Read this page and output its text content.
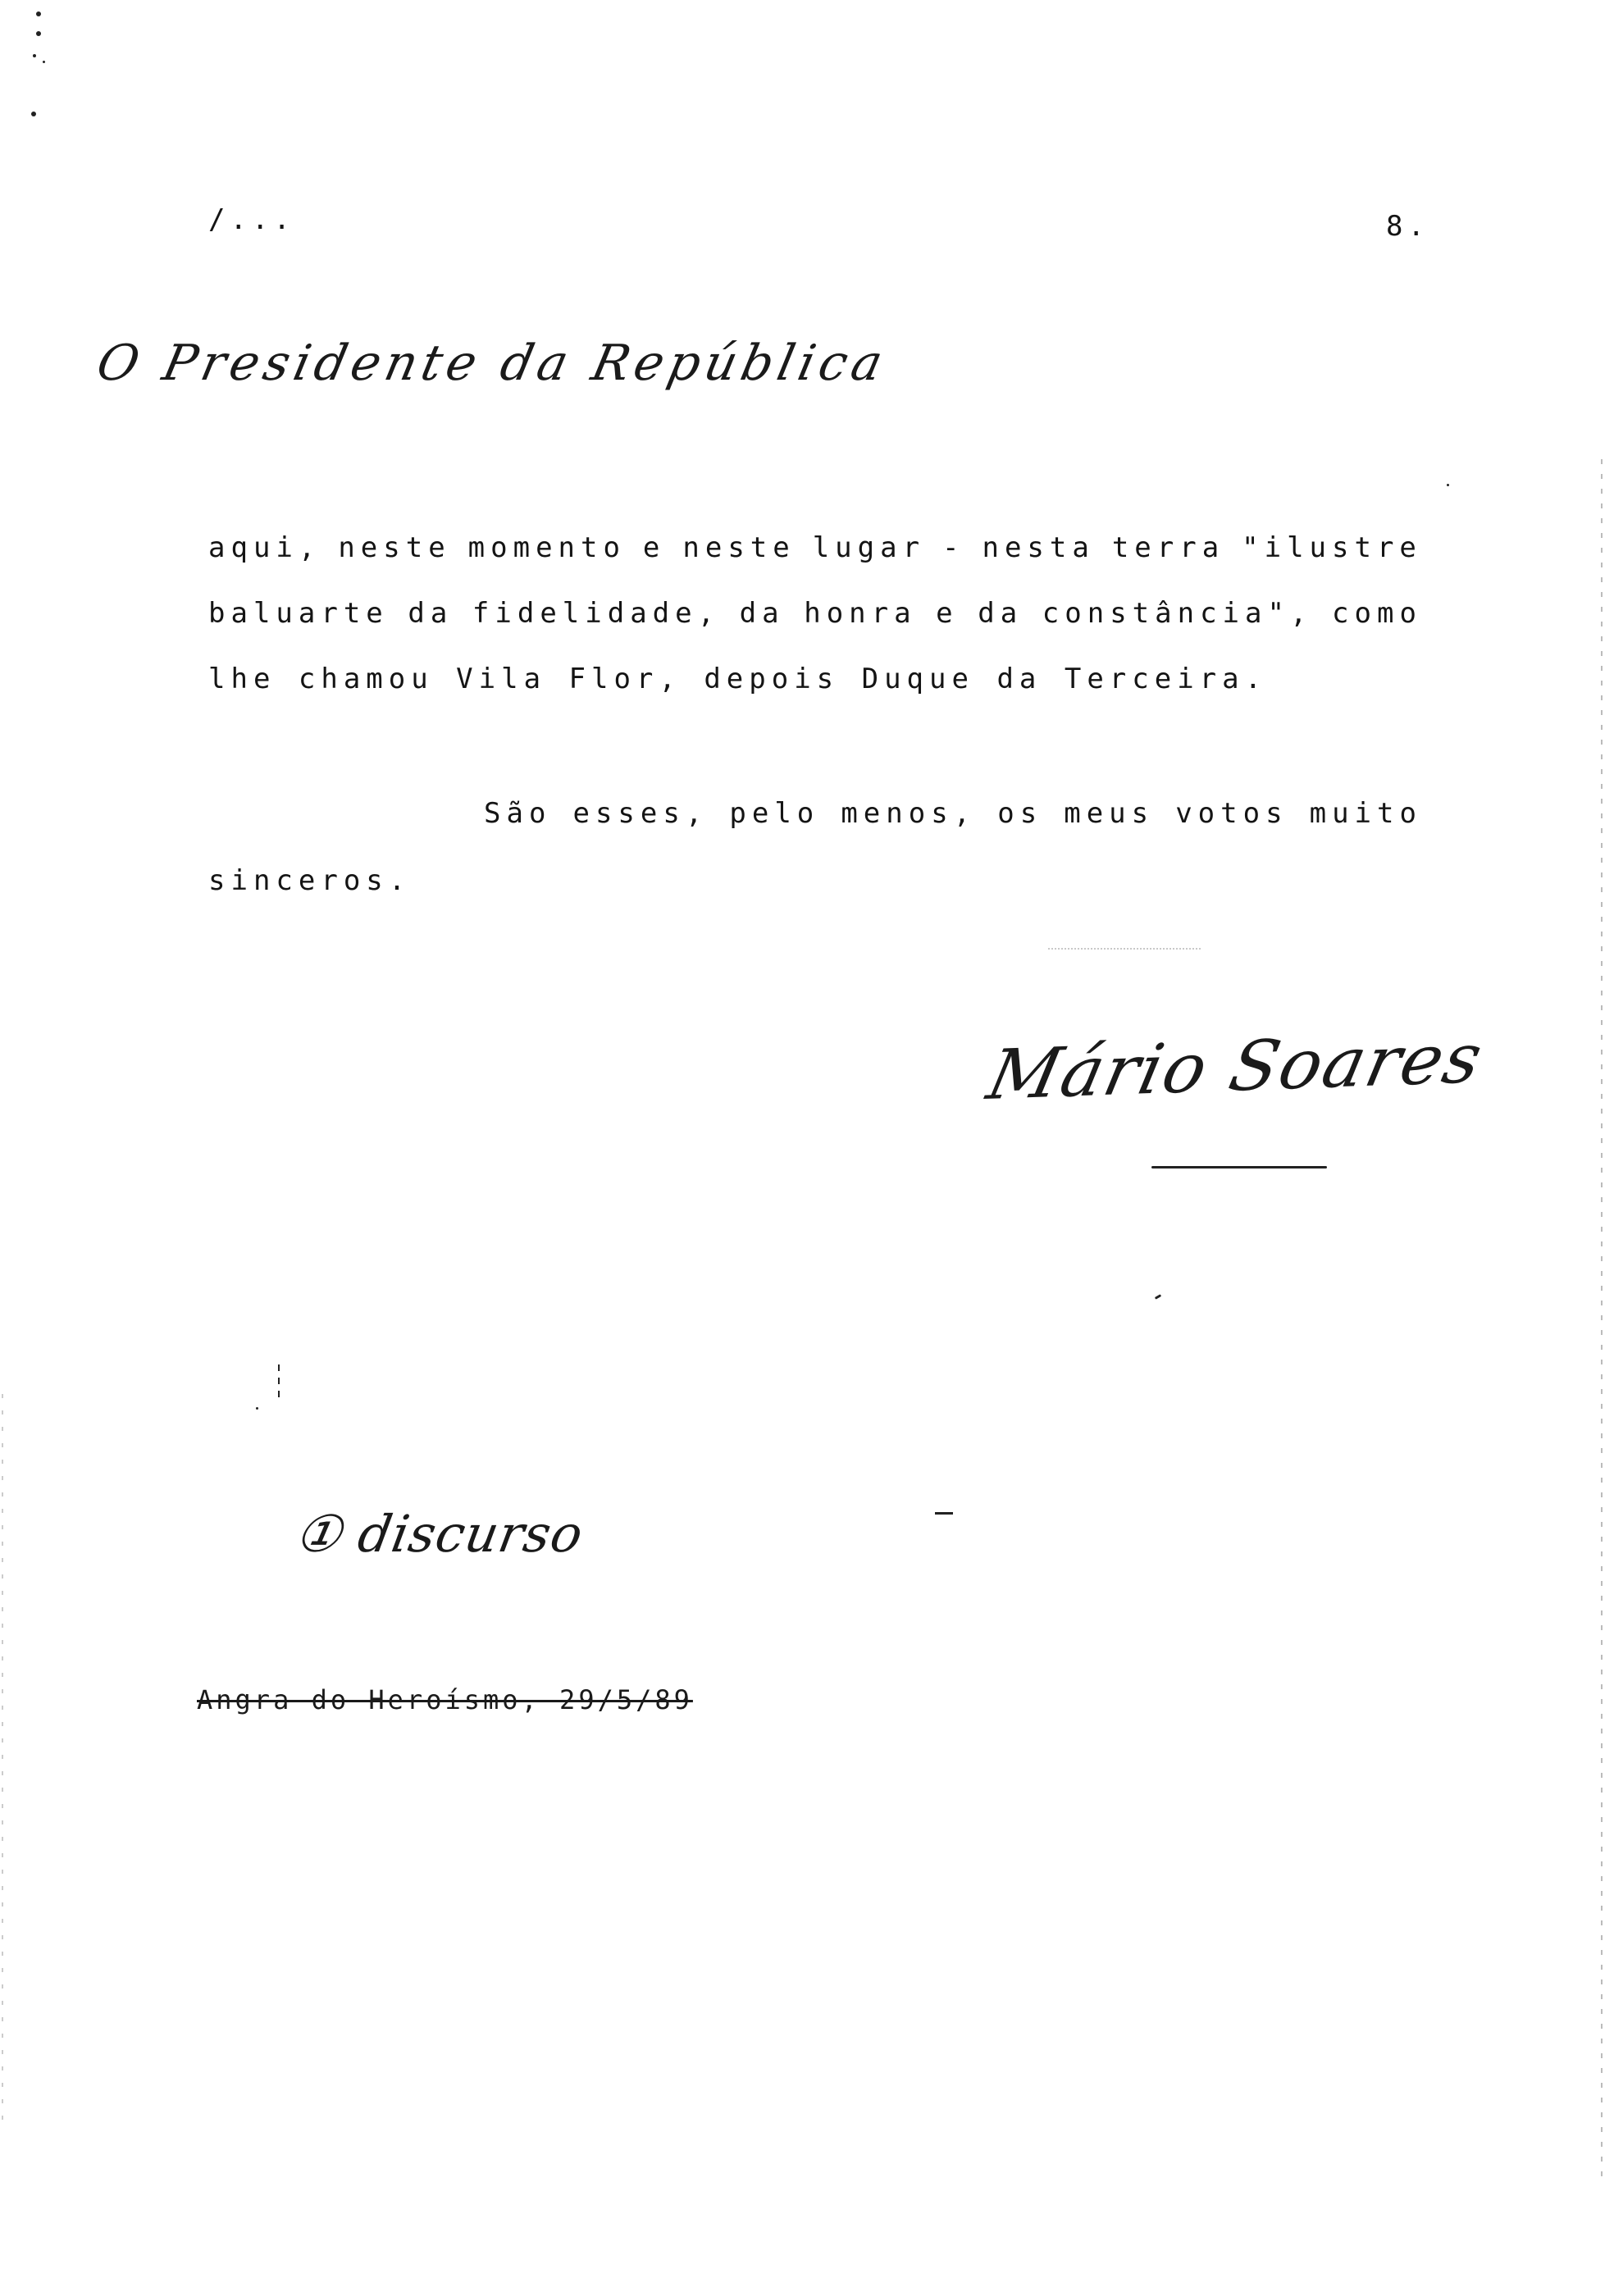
/...	8.
O Presidente da República
aqui, neste momento e neste lugar - nesta terra "ilustre
baluarte da fidelidade, da honra e da constância", como
lhe chamou Vila Flor, depois Duque da Terceira.
São esses, pelo menos, os meus votos muito
sinceros.
Mário Soares
① discurso
Angra do Heroísmo, 29/5/89
